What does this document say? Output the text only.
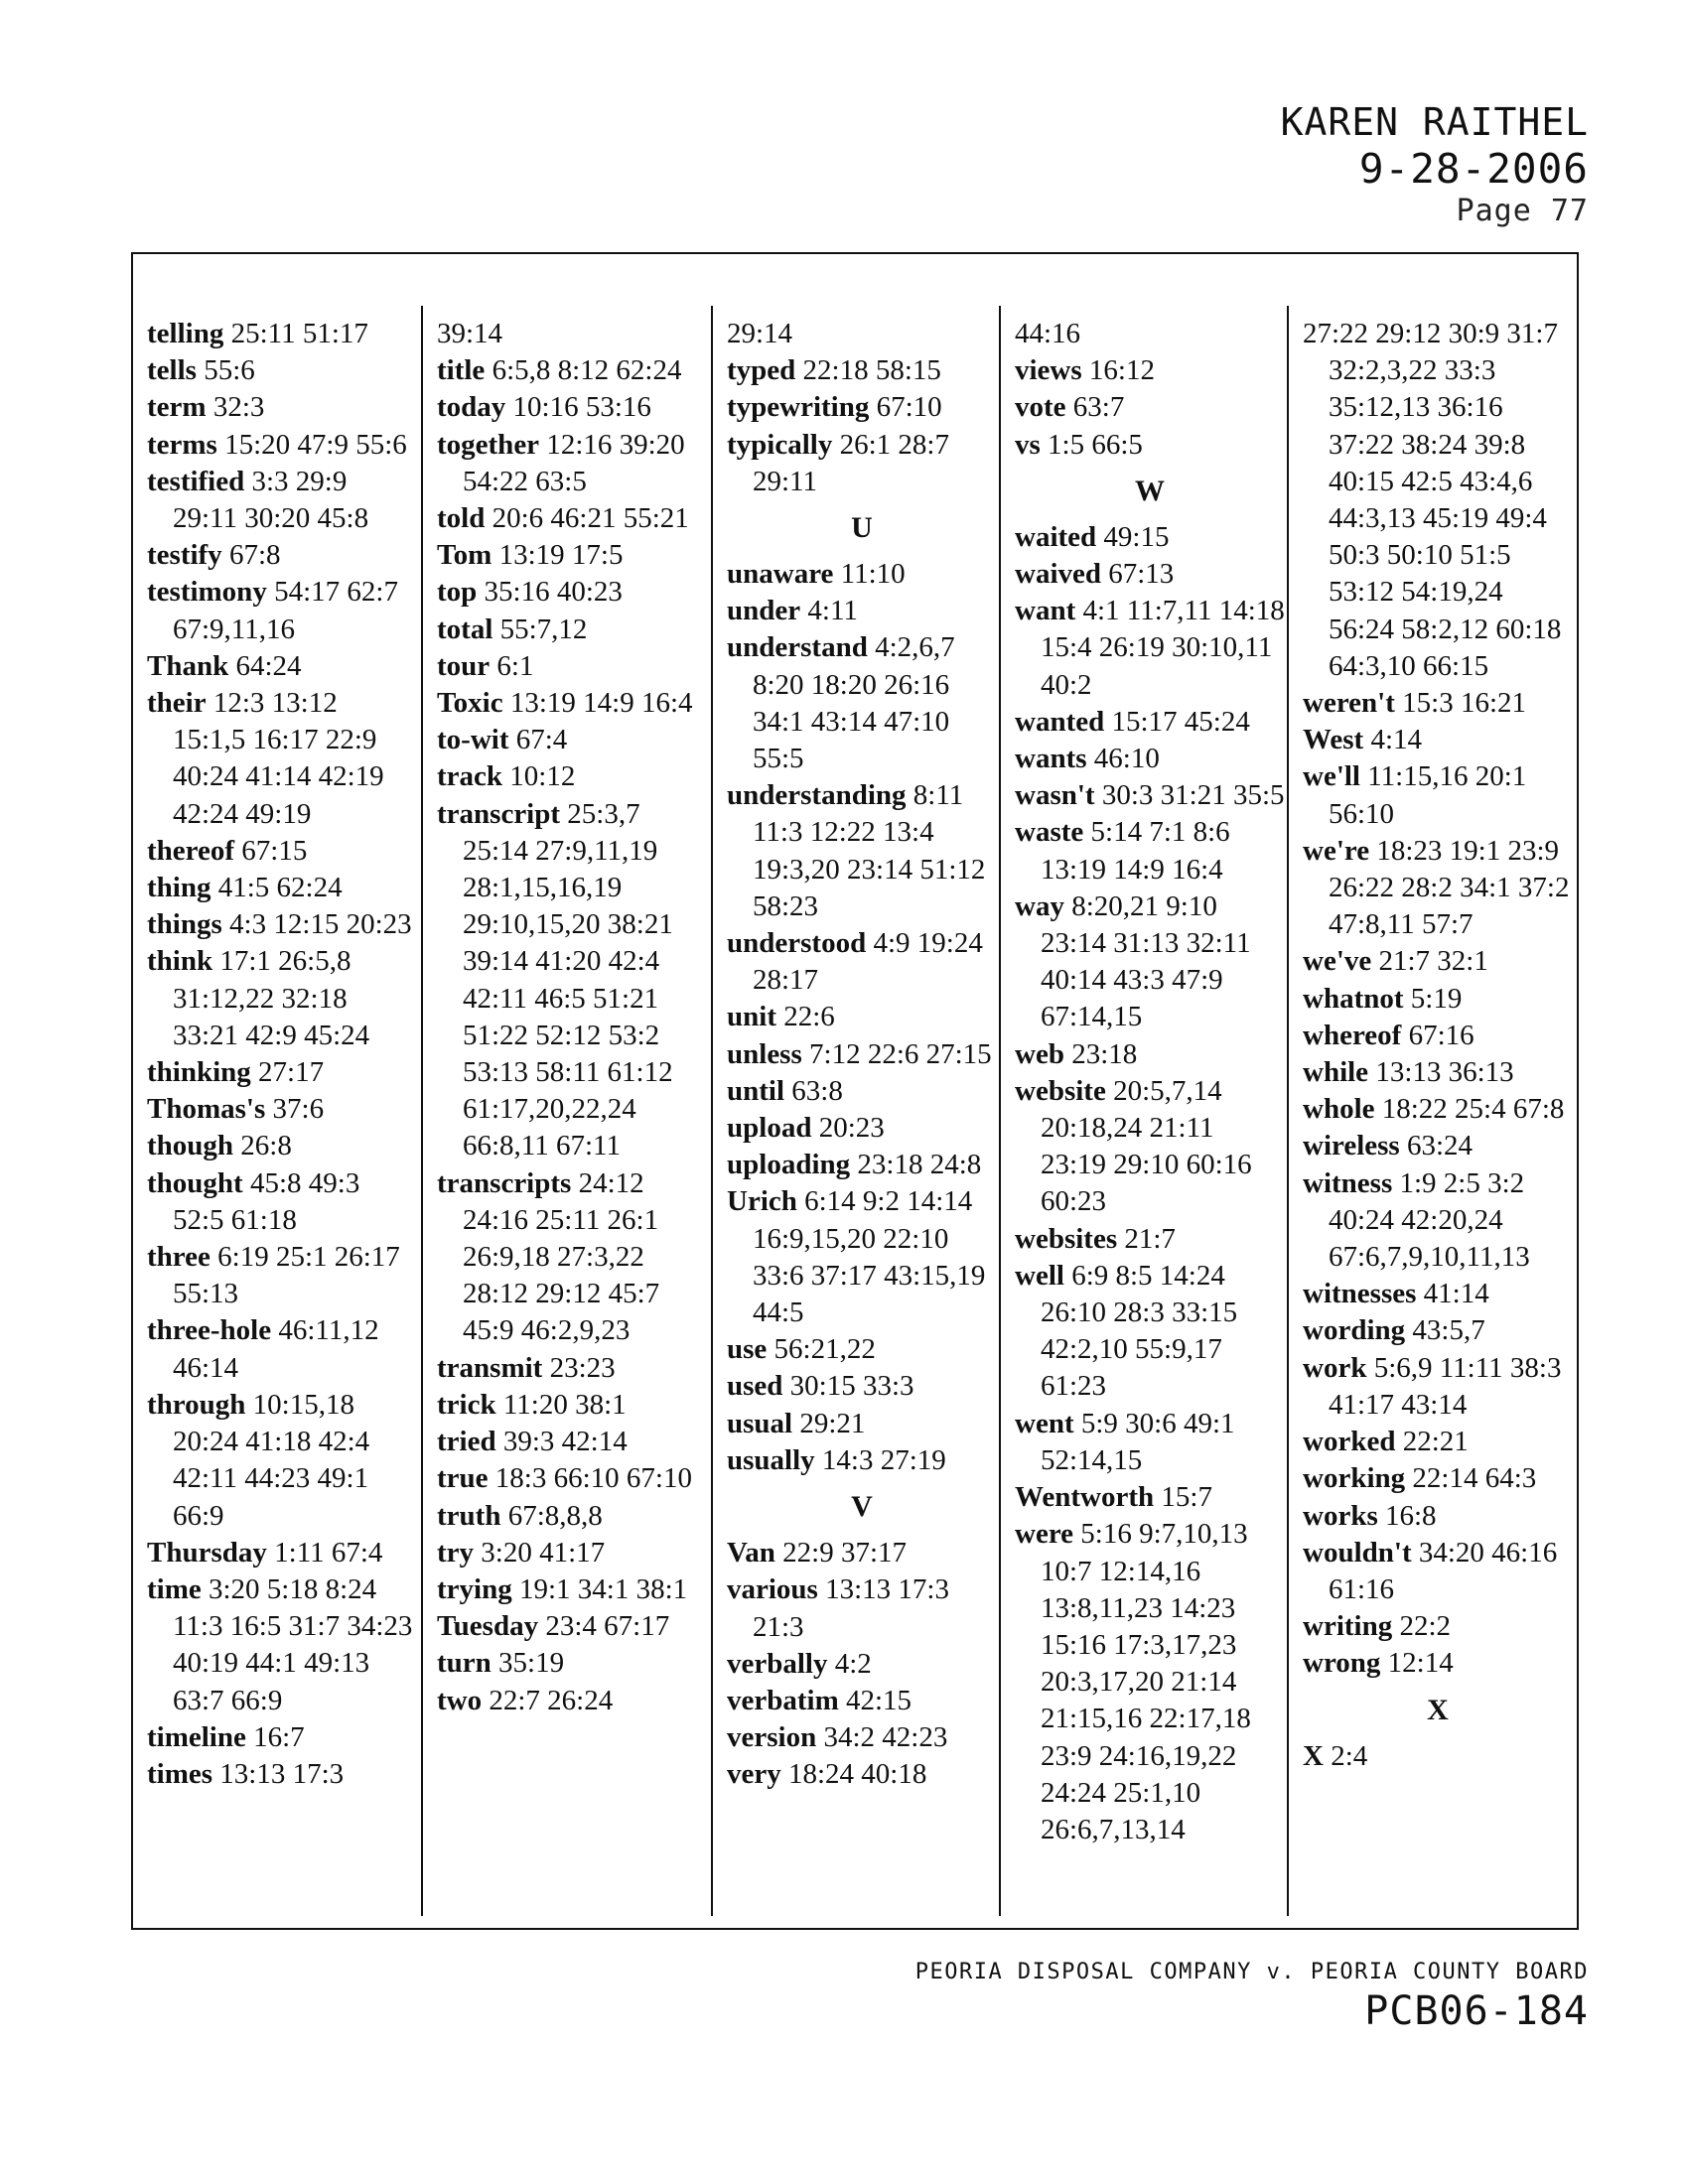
KAREN RAITHEL
9-28-2006
Page 77

telling 25:11 51:17

tells 55:6

term 32:3

terms 15:20 47:9 55:6

testified 3:3 29:9 29:11 30:20 45:8

testify 67:8

testimony 54:17 62:7 67:9,11,16

Thank 64:24

their 12:3 13:12 15:1,5 16:17 22:9 40:24 41:14 42:19 42:24 49:19

thereof 67:15

thing 41:5 62:24

things 4:3 12:15 20:23

think 17:1 26:5,8 31:12,22 32:18 33:21 42:9 45:24

thinking 27:17

Thomas's 37:6

though 26:8

thought 45:8 49:3 52:5 61:18

three 6:19 25:1 26:17 55:13

three-hole 46:11,12 46:14

through 10:15,18 20:24 41:18 42:4 42:11 44:23 49:1 66:9

Thursday 1:11 67:4

time 3:20 5:18 8:24 11:3 16:5 31:7 34:23 40:19 44:1 49:13 63:7 66:9

timeline 16:7

times 13:13 17:3

39:14

title 6:5,8 8:12 62:24

today 10:16 53:16

together 12:16 39:20 54:22 63:5

told 20:6 46:21 55:21

Tom 13:19 17:5

top 35:16 40:23

total 55:7,12

tour 6:1

Toxic 13:19 14:9 16:4

to-wit 67:4

track 10:12

transcript 25:3,7 25:14 27:9,11,19 28:1,15,16,19 29:10,15,20 38:21 39:14 41:20 42:4 42:11 46:5 51:21 51:22 52:12 53:2 53:13 58:11 61:12 61:17,20,22,24 66:8,11 67:11

transcripts 24:12 24:16 25:11 26:1 26:9,18 27:3,22 28:12 29:12 45:7 45:9 46:2,9,23

transmit 23:23

trick 11:20 38:1

tried 39:3 42:14

true 18:3 66:10 67:10

truth 67:8,8,8

try 3:20 41:17

trying 19:1 34:1 38:1

Tuesday 23:4 67:17

turn 35:19

two 22:7 26:24

29:14

typed 22:18 58:15

typewriting 67:10

typically 26:1 28:7 29:11

U

unaware 11:10

under 4:11

understand 4:2,6,7 8:20 18:20 26:16 34:1 43:14 47:10 55:5

understanding 8:11 11:3 12:22 13:4 19:3,20 23:14 51:12 58:23

understood 4:9 19:24 28:17

unit 22:6

unless 7:12 22:6 27:15

until 63:8

upload 20:23

uploading 23:18 24:8

Urich 6:14 9:2 14:14 16:9,15,20 22:10 33:6 37:17 43:15,19 44:5

use 56:21,22

used 30:15 33:3

usual 29:21

usually 14:3 27:19

V

Van 22:9 37:17

various 13:13 17:3 21:3

verbally 4:2

verbatim 42:15

version 34:2 42:23

very 18:24 40:18

44:16

views 16:12

vote 63:7

vs 1:5 66:5

W

waited 49:15

waived 67:13

want 4:1 11:7,11 14:18 15:4 26:19 30:10,11 40:2

wanted 15:17 45:24

wants 46:10

wasn't 30:3 31:21 35:5

waste 5:14 7:1 8:6 13:19 14:9 16:4

way 8:20,21 9:10 23:14 31:13 32:11 40:14 43:3 47:9 67:14,15

web 23:18

website 20:5,7,14 20:18,24 21:11 23:19 29:10 60:16 60:23

websites 21:7

well 6:9 8:5 14:24 26:10 28:3 33:15 42:2,10 55:9,17 61:23

went 5:9 30:6 49:1 52:14,15

Wentworth 15:7

were 5:16 9:7,10,13 10:7 12:14,16 13:8,11,23 14:23 15:16 17:3,17,23 20:3,17,20 21:14 21:15,16 22:17,18 23:9 24:16,19,22 24:24 25:1,10 26:6,7,13,14

27:22 29:12 30:9 31:7 32:2,3,22 33:3 35:12,13 36:16 37:22 38:24 39:8 40:15 42:5 43:4,6 44:3,13 45:19 49:4 50:3 50:10 51:5 53:12 54:19,24 56:24 58:2,12 60:18 64:3,10 66:15

weren't 15:3 16:21

West 4:14

we'll 11:15,16 20:1 56:10

we're 18:23 19:1 23:9 26:22 28:2 34:1 37:2 47:8,11 57:7

we've 21:7 32:1

whatnot 5:19

whereof 67:16

while 13:13 36:13

whole 18:22 25:4 67:8

wireless 63:24

witness 1:9 2:5 3:2 40:24 42:20,24 67:6,7,9,10,11,13

witnesses 41:14

wording 43:5,7

work 5:6,9 11:11 38:3 41:17 43:14

worked 22:21

working 22:14 64:3

works 16:8

wouldn't 34:20 46:16 61:16

writing 22:2

wrong 12:14

X

X 2:4

PEORIA DISPOSAL COMPANY v. PEORIA COUNTY BOARD
PCB06-184
